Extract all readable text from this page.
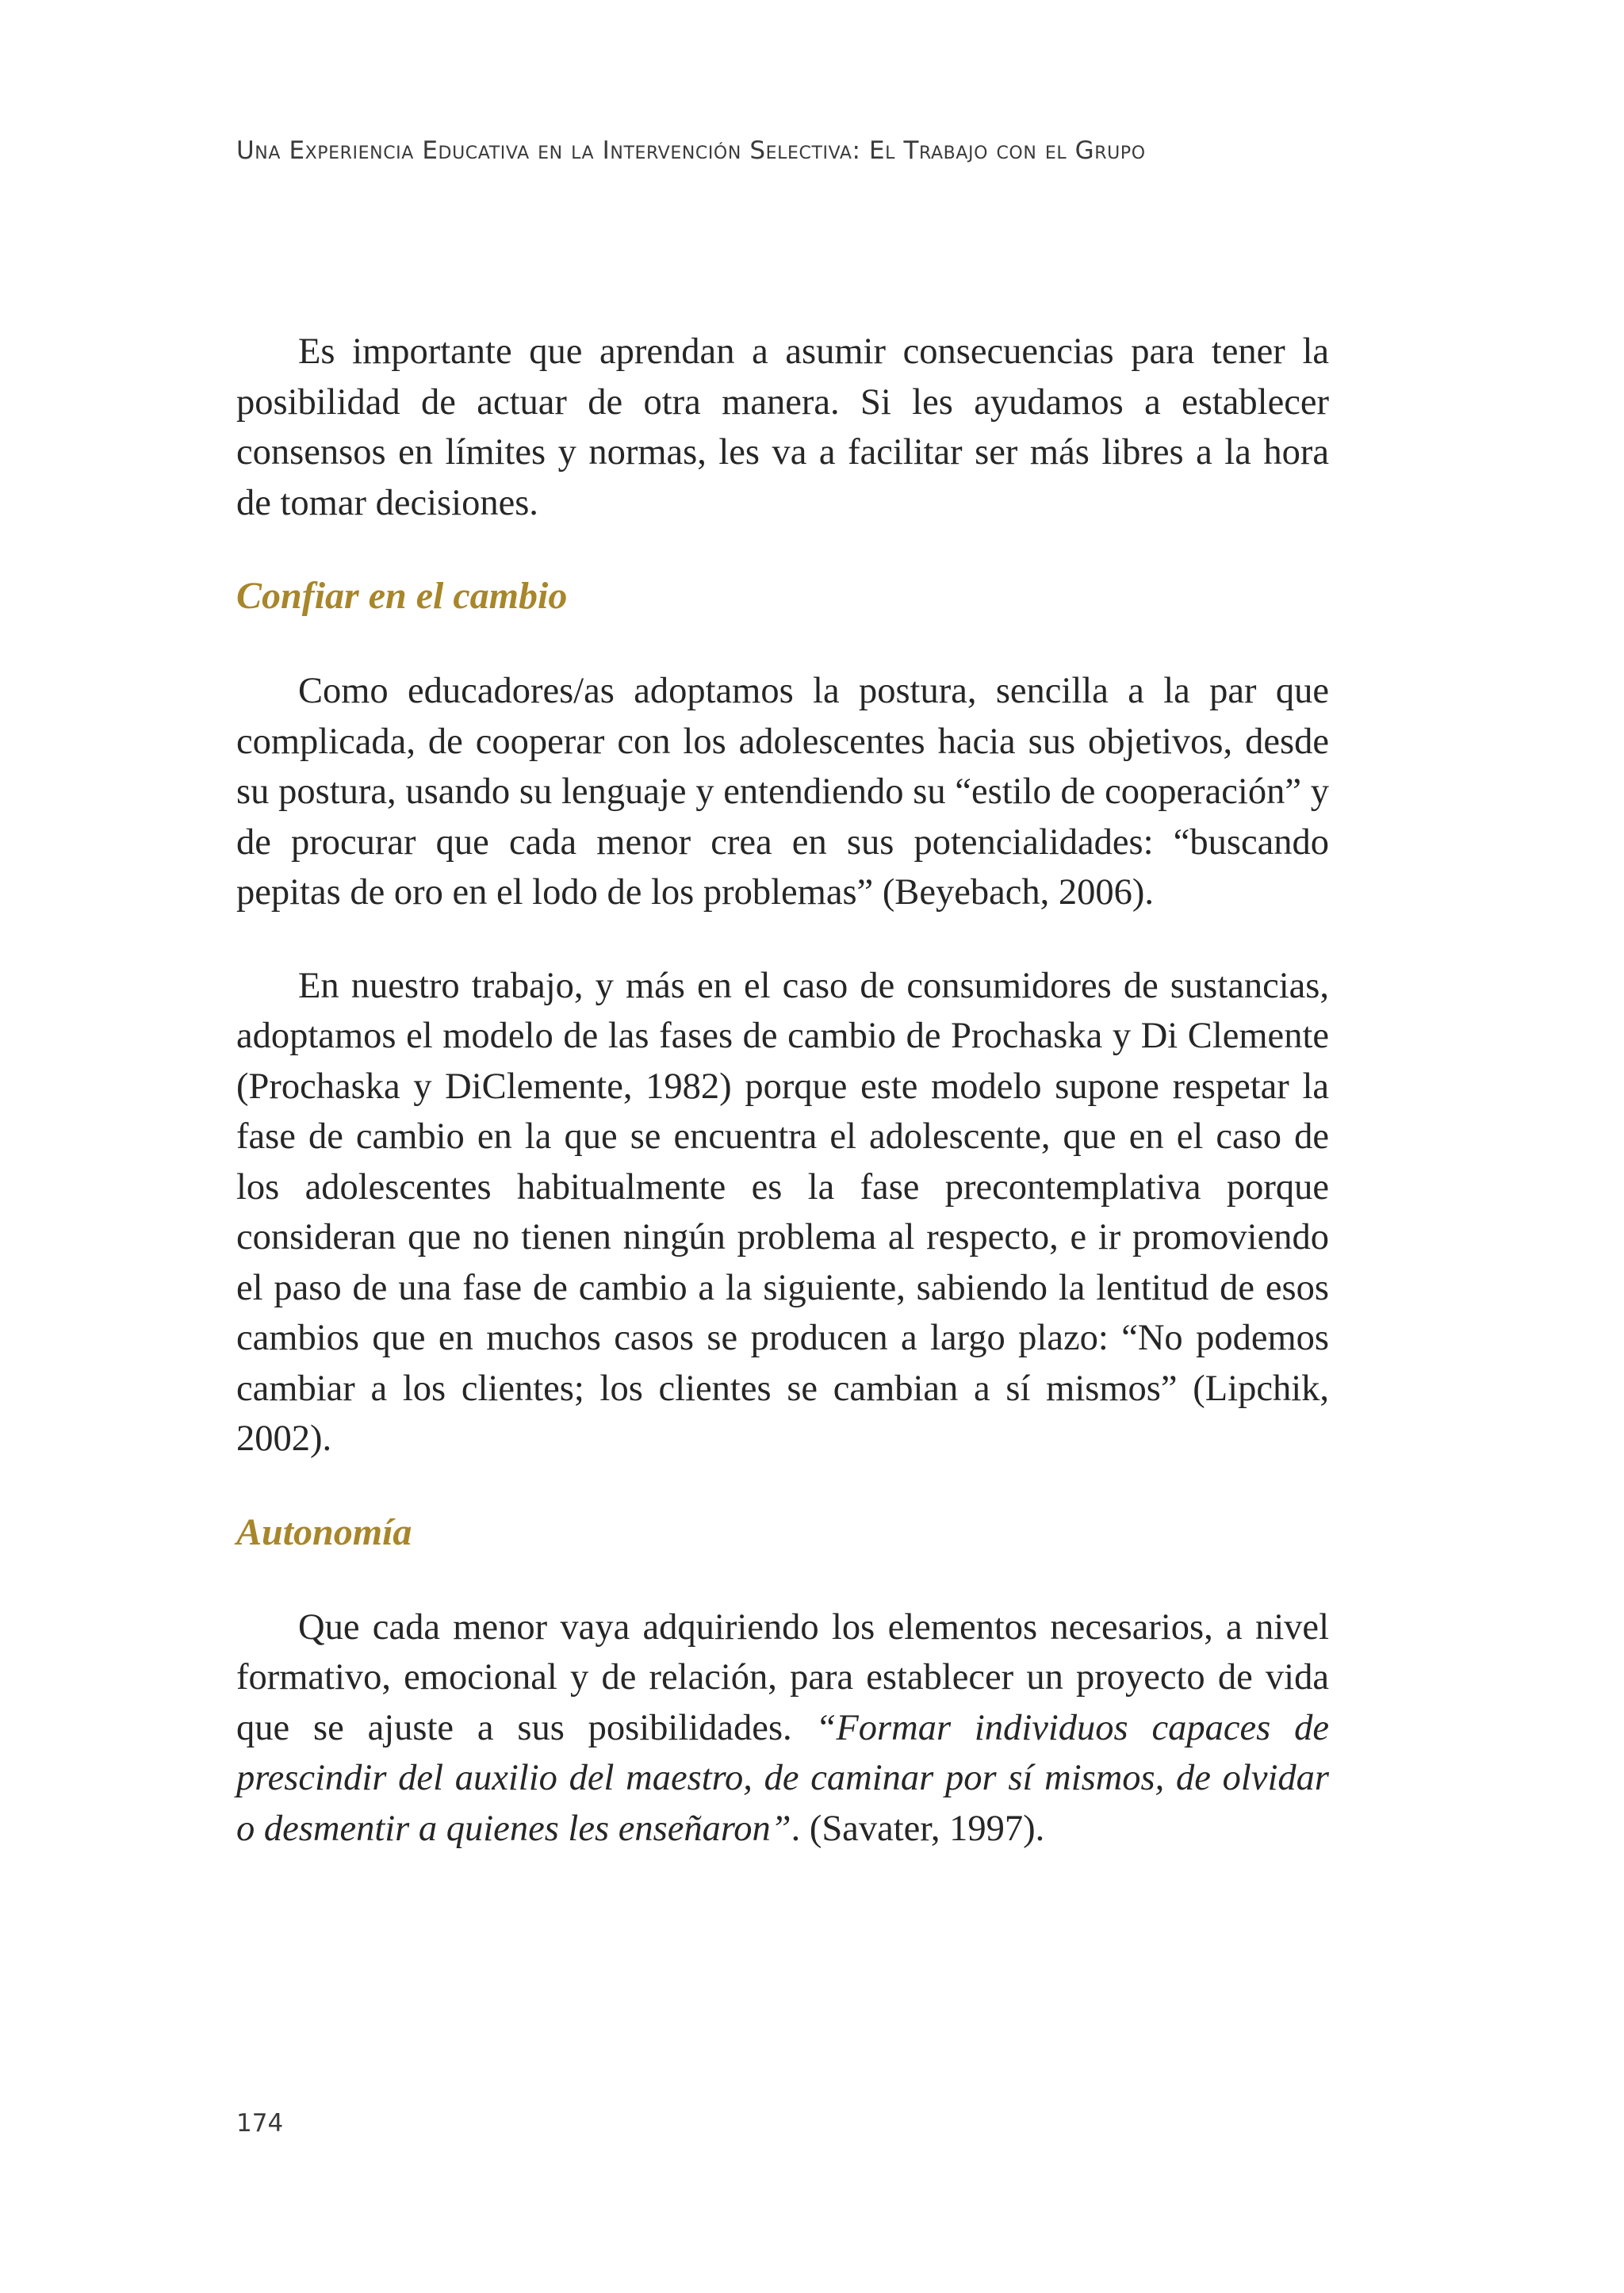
Una Experiencia Educativa en la Intervención Selectiva: El Trabajo con el Grupo

Es importante que aprendan a asumir consecuencias para tener la posibilidad de actuar de otra manera. Si les ayudamos a establecer consensos en límites y normas, les va a facilitar ser más libres a la hora de tomar decisiones.

Confiar en el cambio

Como educadores/as adoptamos la postura, sencilla a la par que complicada, de cooperar con los adolescentes hacia sus objetivos, desde su postura, usando su lenguaje y entendiendo su “estilo de cooperación” y de procurar que cada menor crea en sus potencialidades: “buscando pepitas de oro en el lodo de los problemas” (Beyebach, 2006).

En nuestro trabajo, y más en el caso de consumidores de sustancias, adoptamos el modelo de las fases de cambio de Prochaska y Di Clemente (Prochaska y DiClemente, 1982) porque este modelo supone respetar la fase de cambio en la que se encuentra el adolescente, que en el caso de los adolescentes habitualmente es la fase precontemplativa porque consideran que no tienen ningún problema al respecto, e ir promoviendo el paso de una fase de cambio a la siguiente, sabiendo la lentitud de esos cambios que en muchos casos se producen a largo plazo: “No podemos cambiar a los clientes; los clientes se cambian a sí mismos” (Lipchik, 2002).

Autonomía

Que cada menor vaya adquiriendo los elementos necesarios, a nivel formativo, emocional y de relación, para establecer un proyecto de vida que se ajuste a sus posibilidades. “Formar individuos capaces de prescindir del auxilio del maestro, de caminar por sí mismos, de olvidar o desmentir a quienes les enseñaron”. (Savater, 1997).

174
